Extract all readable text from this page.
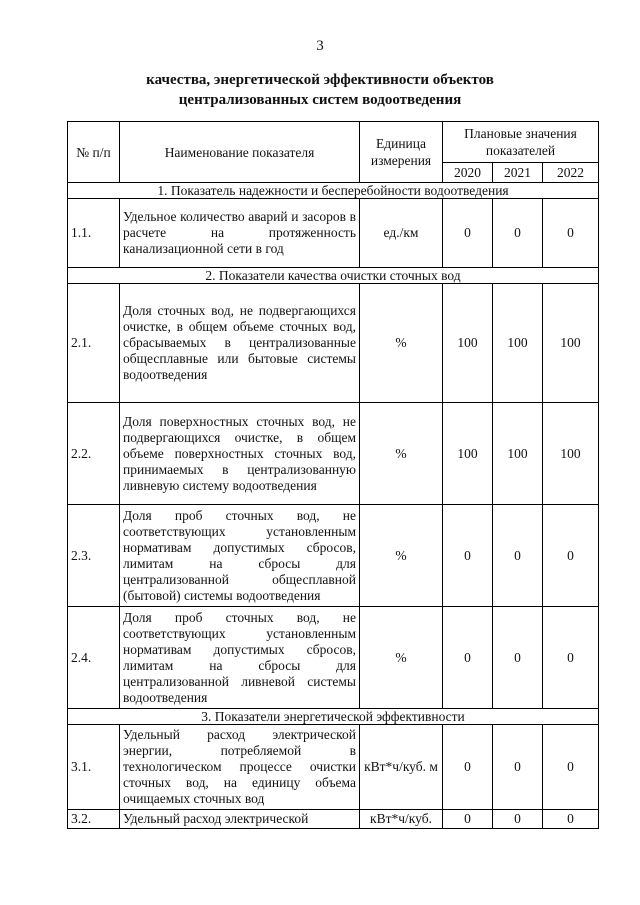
3
качества, энергетической эффективности объектов
централизованных систем водоотведения
№ п/п	Наименование показателя	Единица измерения	Плановые значения показателей		
			2020	2021	2022
1. Показатель надежности и бесперебойности водоотведения					
1.1.	Удельное количество аварий и засоров в расчете на протяженность канализационной сети в год	ед./км	0	0	0
2. Показатели качества очистки сточных вод					
2.1.	Доля сточных вод, не подвергающихся очистке, в общем объеме сточных вод, сбрасываемых в централизованные общесплавные или бытовые системы водоотведения	%	100	100	100
2.2.	Доля поверхностных сточных вод, не подвергающихся очистке, в общем объеме поверхностных сточных вод, принимаемых в централизованную ливневую систему водоотведения	%	100	100	100
2.3.	Доля проб сточных вод, не соответствующих установленным нормативам допустимых сбросов, лимитам на сбросы для централизованной общесплавной (бытовой) системы водоотведения	%	0	0	0
2.4.	Доля проб сточных вод, не соответствующих установленным нормативам допустимых сбросов, лимитам на сбросы для централизованной ливневой системы водоотведения	%	0	0	0
3. Показатели энергетической эффективности					
3.1.	Удельный расход электрической энергии, потребляемой в технологическом процессе очистки сточных вод, на единицу объема очищаемых сточных вод	кВт*ч/куб. м	0	0	0
3.2.	Удельный расход электрической	кВт*ч/куб.	0	0	0
